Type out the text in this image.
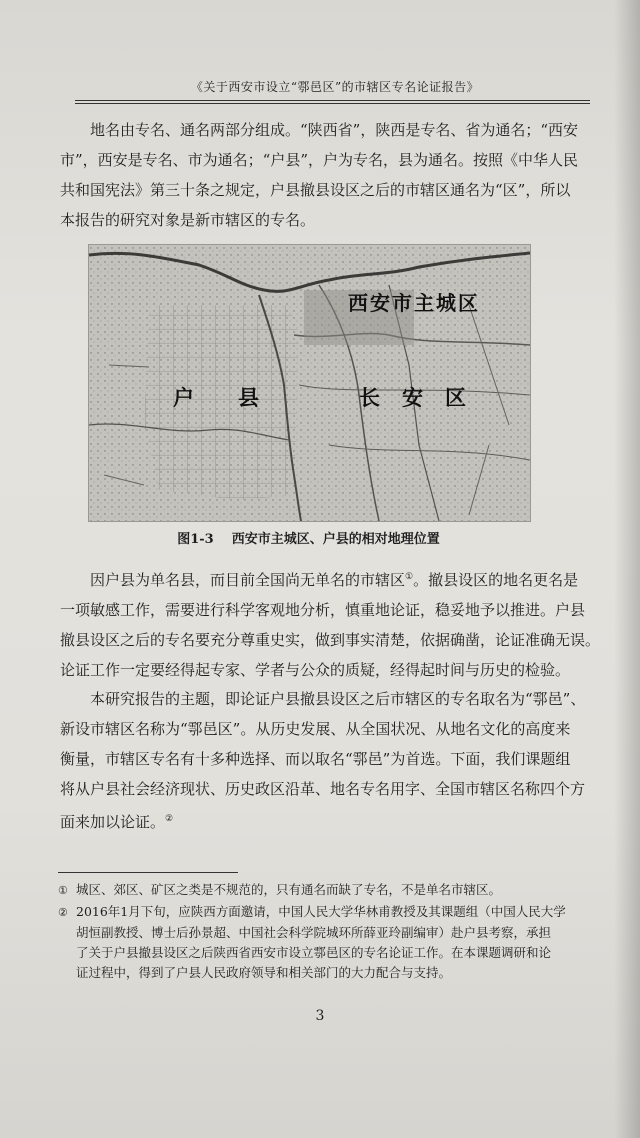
《关于西安市设立“鄠邑区”的市辖区专名论证报告》

地名由专名、通名两部分组成。“陕西省”，陕西是专名、省为通名；“西安
市”，西安是专名、市为通名；“户县”，户为专名，县为通名。按照《中华人民
共和国宪法》第三十条之规定，户县撤县设区之后的市辖区通名为“区”，所以
本报告的研究对象是新市辖区的专名。

西安市主城区
户县	长安区
图1-3 西安市主城区、户县的相对地理位置

因户县为单名县，而目前全国尚无单名的市辖区①。撤县设区的地名更名是
一项敏感工作，需要进行科学客观地分析，慎重地论证，稳妥地予以推进。户县
撤县设区之后的专名要充分尊重史实，做到事实清楚，依据确凿，论证准确无误。
论证工作一定要经得起专家、学者与公众的质疑，经得起时间与历史的检验。

本研究报告的主题，即论证户县撤县设区之后市辖区的专名取名为“鄠邑”、
新设市辖区名称为“鄠邑区”。从历史发展、从全国状况、从地名文化的高度来
衡量，市辖区专名有十多种选择、而以取名“鄠邑”为首选。下面，我们课题组
将从户县社会经济现状、历史政区沿革、地名专名用字、全国市辖区名称四个方
面来加以论证。②

① 城区、郊区、矿区之类是不规范的，只有通名而缺了专名，不是单名市辖区。
② 2016年1月下旬，应陕西方面邀请，中国人民大学华林甫教授及其课题组（中国人民大学
胡恒副教授、博士后孙景超、中国社会科学院城环所薛亚玲副编审）赴户县考察，承担
了关于户县撤县设区之后陕西省西安市设立鄠邑区的专名论证工作。在本课题调研和论
证过程中，得到了户县人民政府领导和相关部门的大力配合与支持。
3
